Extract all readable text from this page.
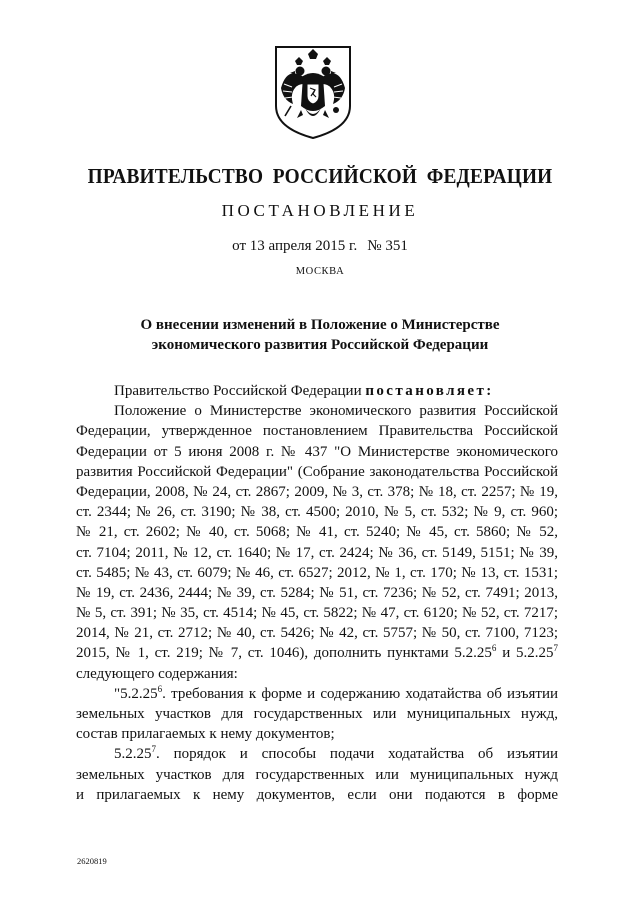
ПРАВИТЕЛЬСТВО РОССИЙСКОЙ ФЕДЕРАЦИИ
ПОСТАНОВЛЕНИЕ
от 13 апреля 2015 г. № 351
МОСКВА
О внесении изменений в Положение о Министерстве
экономического развития Российской Федерации
Правительство Российской Федерации постановляет:
Положение о Министерстве экономического развития Российской
Федерации, утвержденное постановлением Правительства Российской
Федерации от 5 июня 2008 г. № 437 "О Министерстве экономического
развития Российской Федерации" (Собрание законодательства Российской
Федерации, 2008, № 24, ст. 2867; 2009, № 3, ст. 378; № 18, ст. 2257; № 19,
ст. 2344; № 26, ст. 3190; № 38, ст. 4500; 2010, № 5, ст. 532; № 9, ст. 960;
№ 21, ст. 2602; № 40, ст. 5068; № 41, ст. 5240; № 45, ст. 5860; № 52,
ст. 7104; 2011, № 12, ст. 1640; № 17, ст. 2424; № 36, ст. 5149, 5151; № 39,
ст. 5485; № 43, ст. 6079; № 46, ст. 6527; 2012, № 1, ст. 170; № 13, ст. 1531;
№ 19, ст. 2436, 2444; № 39, ст. 5284; № 51, ст. 7236; № 52, ст. 7491; 2013,
№ 5, ст. 391; № 35, ст. 4514; № 45, ст. 5822; № 47, ст. 6120; № 52, ст. 7217;
2014, № 21, ст. 2712; № 40, ст. 5426; № 42, ст. 5757; № 50, ст. 7100, 7123;
2015, № 1, ст. 219; № 7, ст. 1046), дополнить пунктами 5.2.25$^6$ и 5.2.25$^7$
следующего содержания:
"5.2.25$^6$. требования к форме и содержанию ходатайства об изъятии
земельных участков для государственных или муниципальных нужд,
состав прилагаемых к нему документов;
5.2.25$^7$. порядок и способы подачи ходатайства об изъятии
земельных участков для государственных или муниципальных нужд
и прилагаемых к нему документов, если они подаются в форме
2620819
